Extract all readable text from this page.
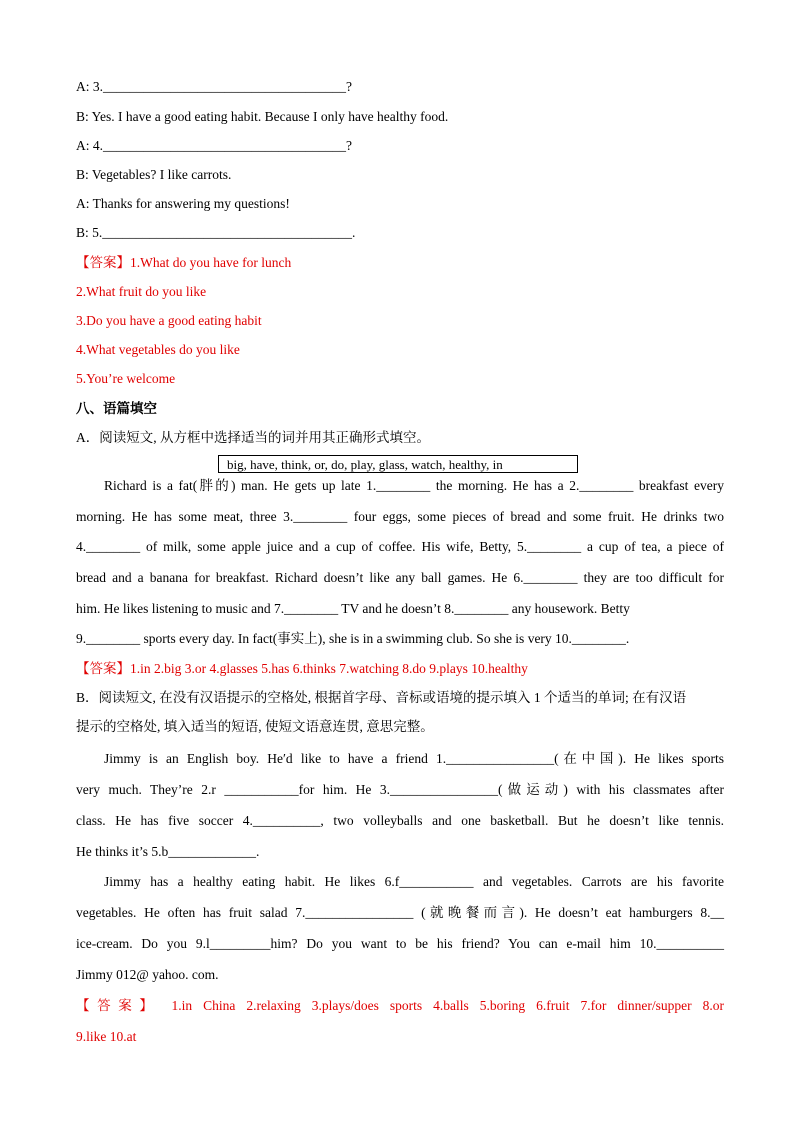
A: 3.____________________________________?
B: Yes. I have a good eating habit. Because I only have healthy food.
A: 4.____________________________________?
B: Vegetables? I like carrots.
A: Thanks for answering my questions!
B: 5._____________________________________.
【答案】1.What do you have for lunch
2.What fruit do you like
3.Do you have a good eating habit
4.What vegetables do you like
5.You’re welcome
八、语篇填空
A．阅读短文, 从方框中选择适当的词并用其正确形式填空。
big, have, think, or, do, play, glass, watch, healthy, in
Richard is a fat(胖的) man. He gets up late 1.________ the morning. He has a 2.________ breakfast every
morning. He has some meat, three 3.________ four eggs, some pieces of bread and some fruit. He drinks two
4.________ of milk, some apple juice and a cup of coffee. His wife, Betty, 5.________ a cup of tea, a piece of
bread and a banana for breakfast. Richard doesn’t like any ball games. He 6.________ they are too difficult for
him. He likes listening to music and 7.________ TV and he doesn’t 8.________ any housework. Betty
9.________ sports every day. In fact(事实上), she is in a swimming club. So she is very 10.________.
【答案】1.in 2.big 3.or 4.glasses 5.has 6.thinks 7.watching 8.do 9.plays 10.healthy
B．阅读短文, 在没有汉语提示的空格处, 根据首字母、音标或语境的提示填入 1 个适当的单词; 在有汉语
提示的空格处, 填入适当的短语, 使短文语意连贯, 意思完整。
Jimmy is an English boy. He′d like to have a friend 1.________________(在中国). He likes sports
very much. They’re 2.r ___________for him. He 3.________________(做运动) with his classmates after
class. He has five soccer 4.__________, two volleyballs and one basketball. But he doesn’t like tennis.
He thinks it’s 5.b_____________.
Jimmy has a healthy eating habit. He likes 6.f___________ and vegetables. Carrots are his favorite
vegetables. He often has fruit salad 7.________________ (就晚餐而言). He doesn’t eat hamburgers 8.__
ice-cream. Do you 9.l_________him? Do you want to be his friend? You can e-mail him 10.__________
Jimmy 012@ yahoo. com.
【答案】 1.in China 2.relaxing 3.plays/does sports 4.balls 5.boring 6.fruit 7.for dinner/supper 8.or
9.like 10.at
